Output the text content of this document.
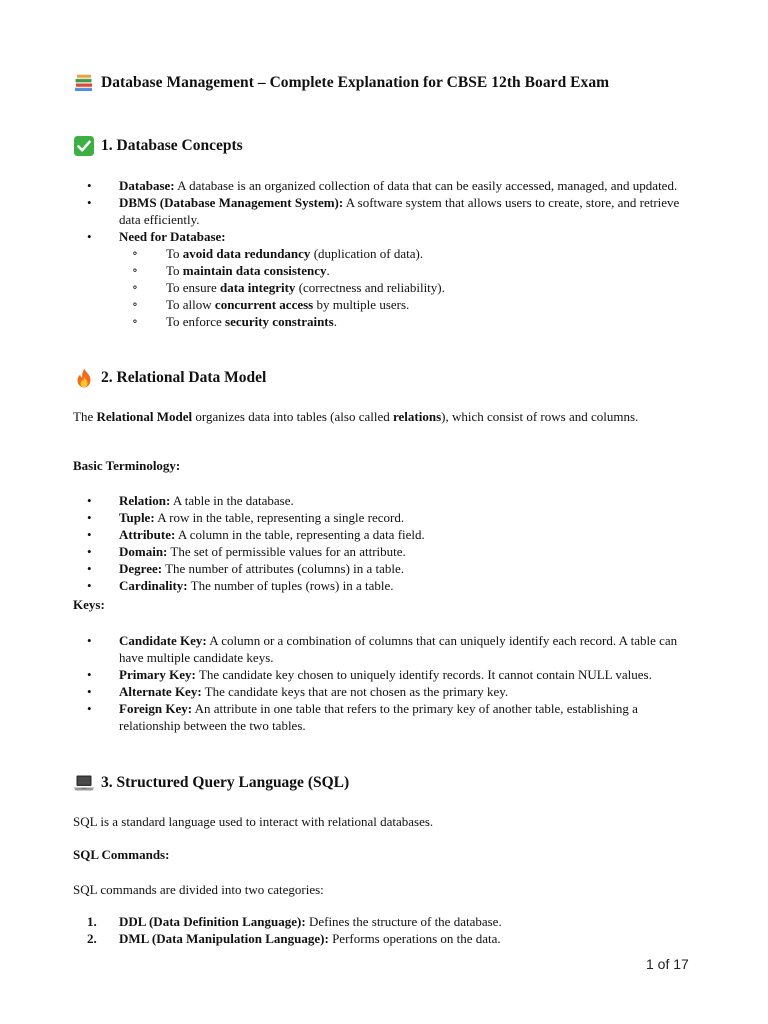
Database Management – Complete Explanation for CBSE 12th Board Exam
1. Database Concepts
• Database: A database is an organized collection of data that can be easily accessed, managed, and updated.
• DBMS (Database Management System): A software system that allows users to create, store, and retrieve data efficiently.
• Need for Database:
∘ To avoid data redundancy (duplication of data).
∘ To maintain data consistency.
∘ To ensure data integrity (correctness and reliability).
∘ To allow concurrent access by multiple users.
∘ To enforce security constraints.
2. Relational Data Model
The Relational Model organizes data into tables (also called relations), which consist of rows and columns.
Basic Terminology:
• Relation: A table in the database.
• Tuple: A row in the table, representing a single record.
• Attribute: A column in the table, representing a data field.
• Domain: The set of permissible values for an attribute.
• Degree: The number of attributes (columns) in a table.
• Cardinality: The number of tuples (rows) in a table.
Keys:
• Candidate Key: A column or a combination of columns that can uniquely identify each record. A table can have multiple candidate keys.
• Primary Key: The candidate key chosen to uniquely identify records. It cannot contain NULL values.
• Alternate Key: The candidate keys that are not chosen as the primary key.
• Foreign Key: An attribute in one table that refers to the primary key of another table, establishing a relationship between the two tables.
3. Structured Query Language (SQL)
SQL is a standard language used to interact with relational databases.
SQL Commands:
SQL commands are divided into two categories:
1. DDL (Data Definition Language): Defines the structure of the database.
2. DML (Data Manipulation Language): Performs operations on the data.
1 of 17
